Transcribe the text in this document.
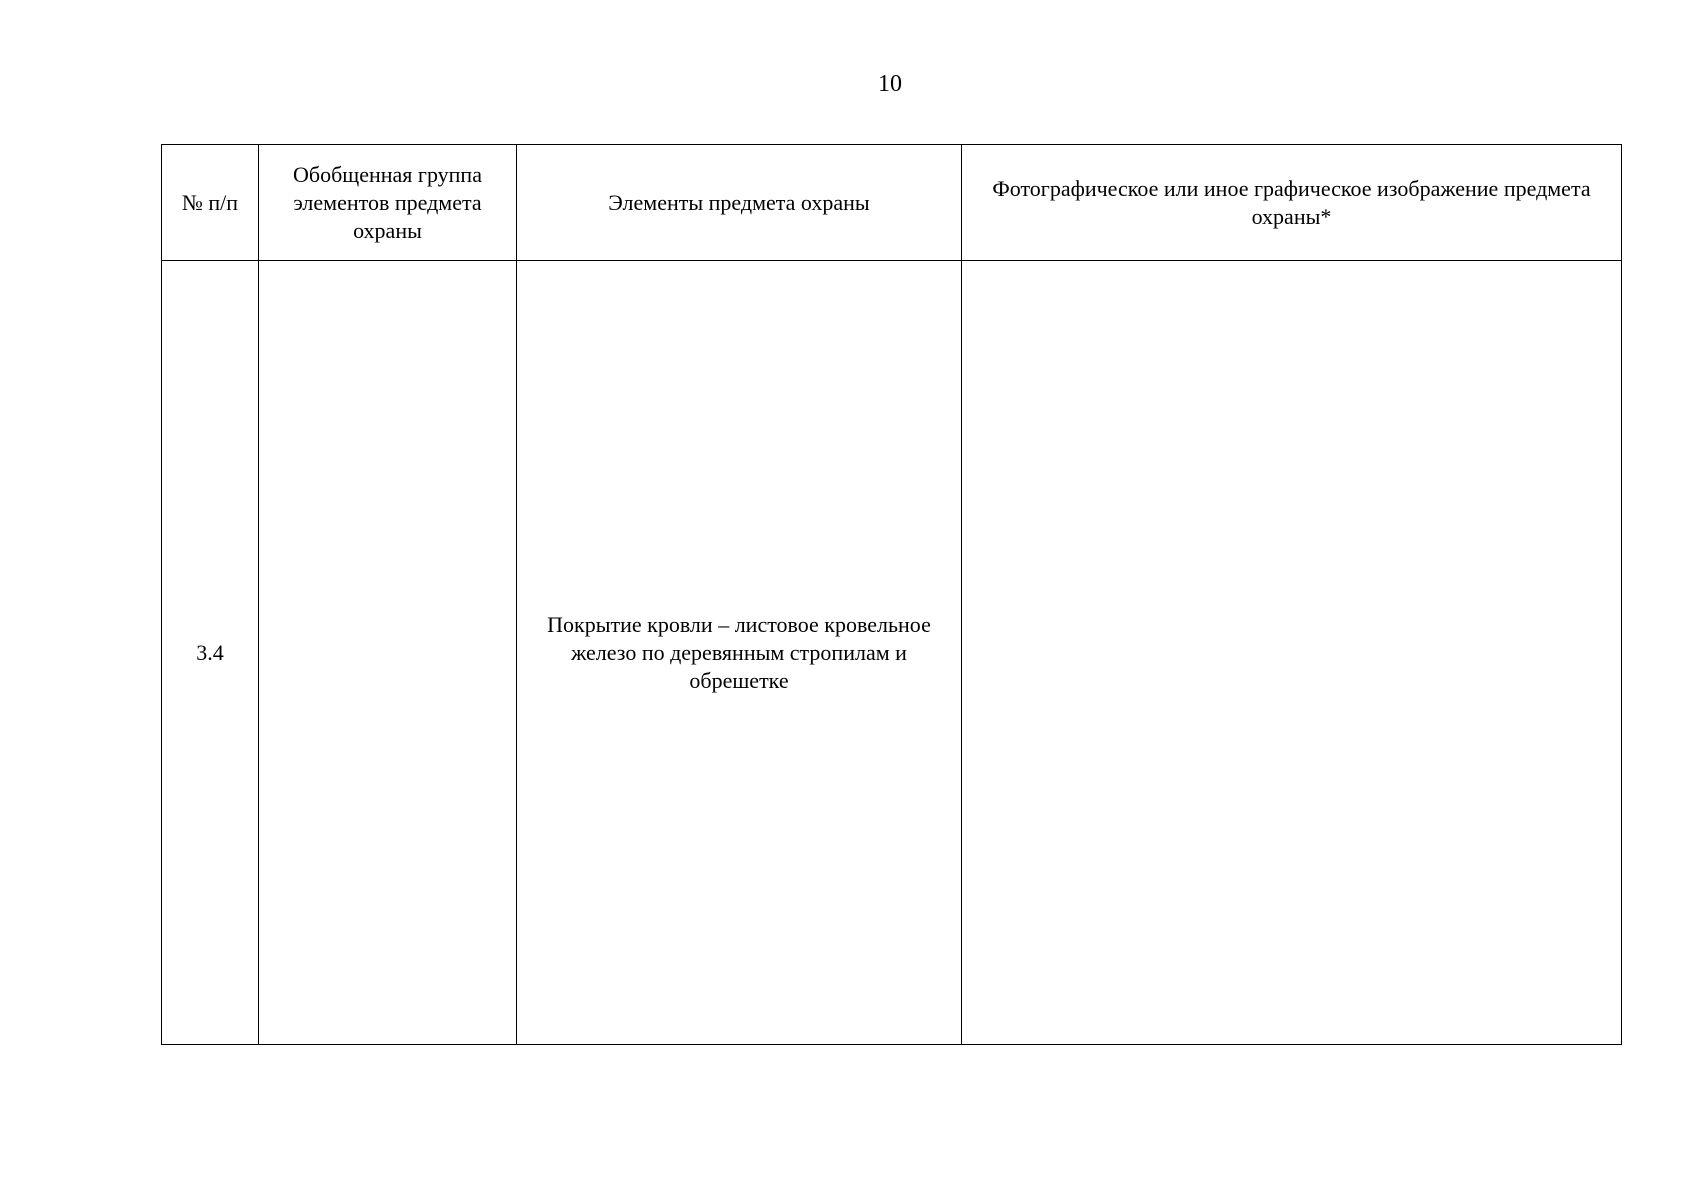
10
№ п/п	Обобщенная группа элементов предмета охраны	Элементы предмета охраны	Фотографическое или иное графическое изображение предмета охраны*
3.4		Покрытие кровли – листовое кровельное железо по деревянным стропилам и обрешетке	
